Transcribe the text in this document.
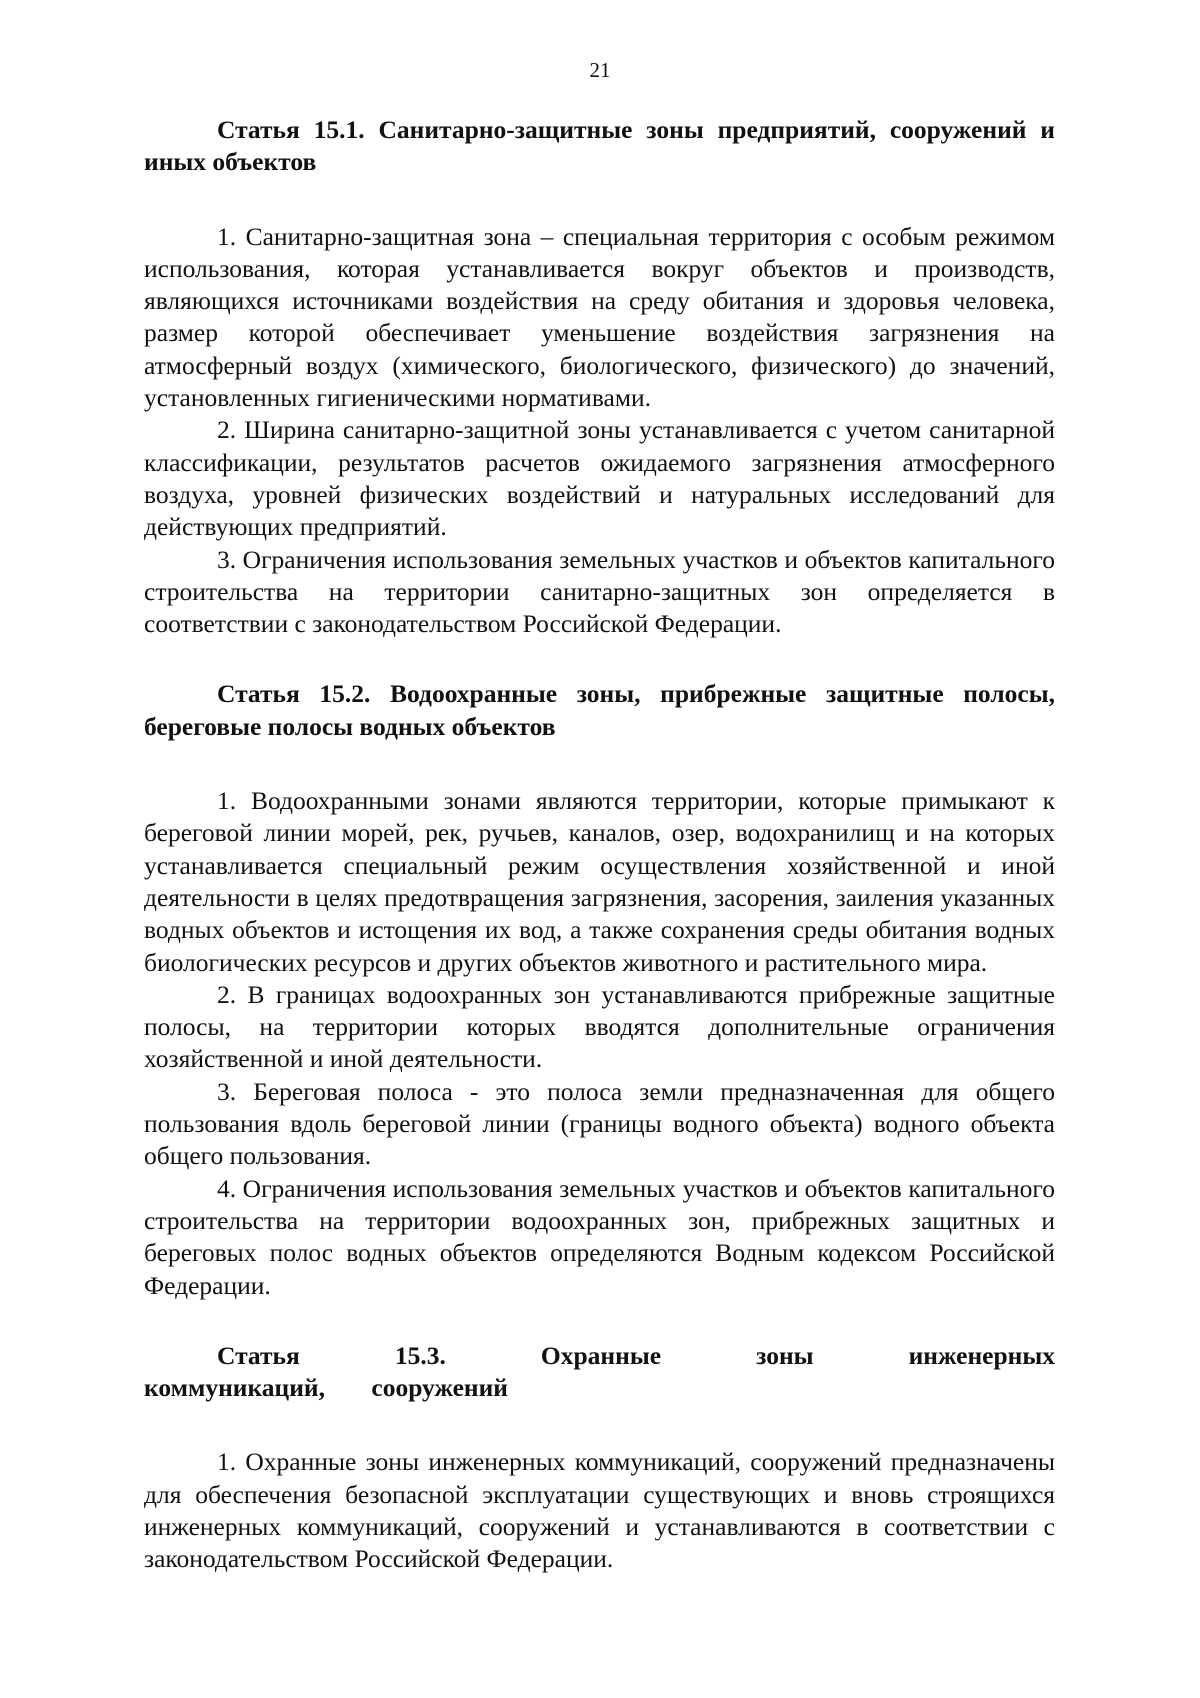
21

Статья 15.1. Санитарно-защитные зоны предприятий, сооружений и иных объектов

1. Санитарно-защитная зона – специальная территория с особым режимом использования, которая устанавливается вокруг объектов и производств, являющихся источниками воздействия на среду обитания и здоровья человека, размер которой обеспечивает уменьшение воздействия загрязнения на атмосферный воздух (химического, биологического, физического) до значений, установленных гигиеническими нормативами.

2. Ширина санитарно-защитной зоны устанавливается с учетом санитарной классификации, результатов расчетов ожидаемого загрязнения атмосферного воздуха, уровней физических воздействий и натуральных исследований для действующих предприятий.

3. Ограничения использования земельных участков и объектов капитального строительства на территории санитарно-защитных зон определяется в соответствии с законодательством Российской Федерации.

Статья 15.2. Водоохранные зоны, прибрежные защитные полосы, береговые полосы водных объектов

1. Водоохранными зонами являются территории, которые примыкают к береговой линии морей, рек, ручьев, каналов, озер, водохранилищ и на которых устанавливается специальный режим осуществления хозяйственной и иной деятельности в целях предотвращения загрязнения, засорения, заиления указанных водных объектов и истощения их вод, а также сохранения среды обитания водных биологических ресурсов и других объектов животного и растительного мира.

2. В границах водоохранных зон устанавливаются прибрежные защитные полосы, на территории которых вводятся дополнительные ограничения хозяйственной и иной деятельности.

3. Береговая полоса - это полоса земли предназначенная для общего пользования вдоль береговой линии (границы водного объекта) водного объекта общего пользования.

4. Ограничения использования земельных участков и объектов капитального строительства на территории водоохранных зон, прибрежных защитных и береговых полос водных объектов определяются Водным кодексом Российской Федерации.

Статья 15.3. Охранные зоны инженерных коммуникаций, сооружений

1. Охранные зоны инженерных коммуникаций, сооружений предназначены для обеспечения безопасной эксплуатации существующих и вновь строящихся инженерных коммуникаций, сооружений и устанавливаются в соответствии с законодательством Российской Федерации.
